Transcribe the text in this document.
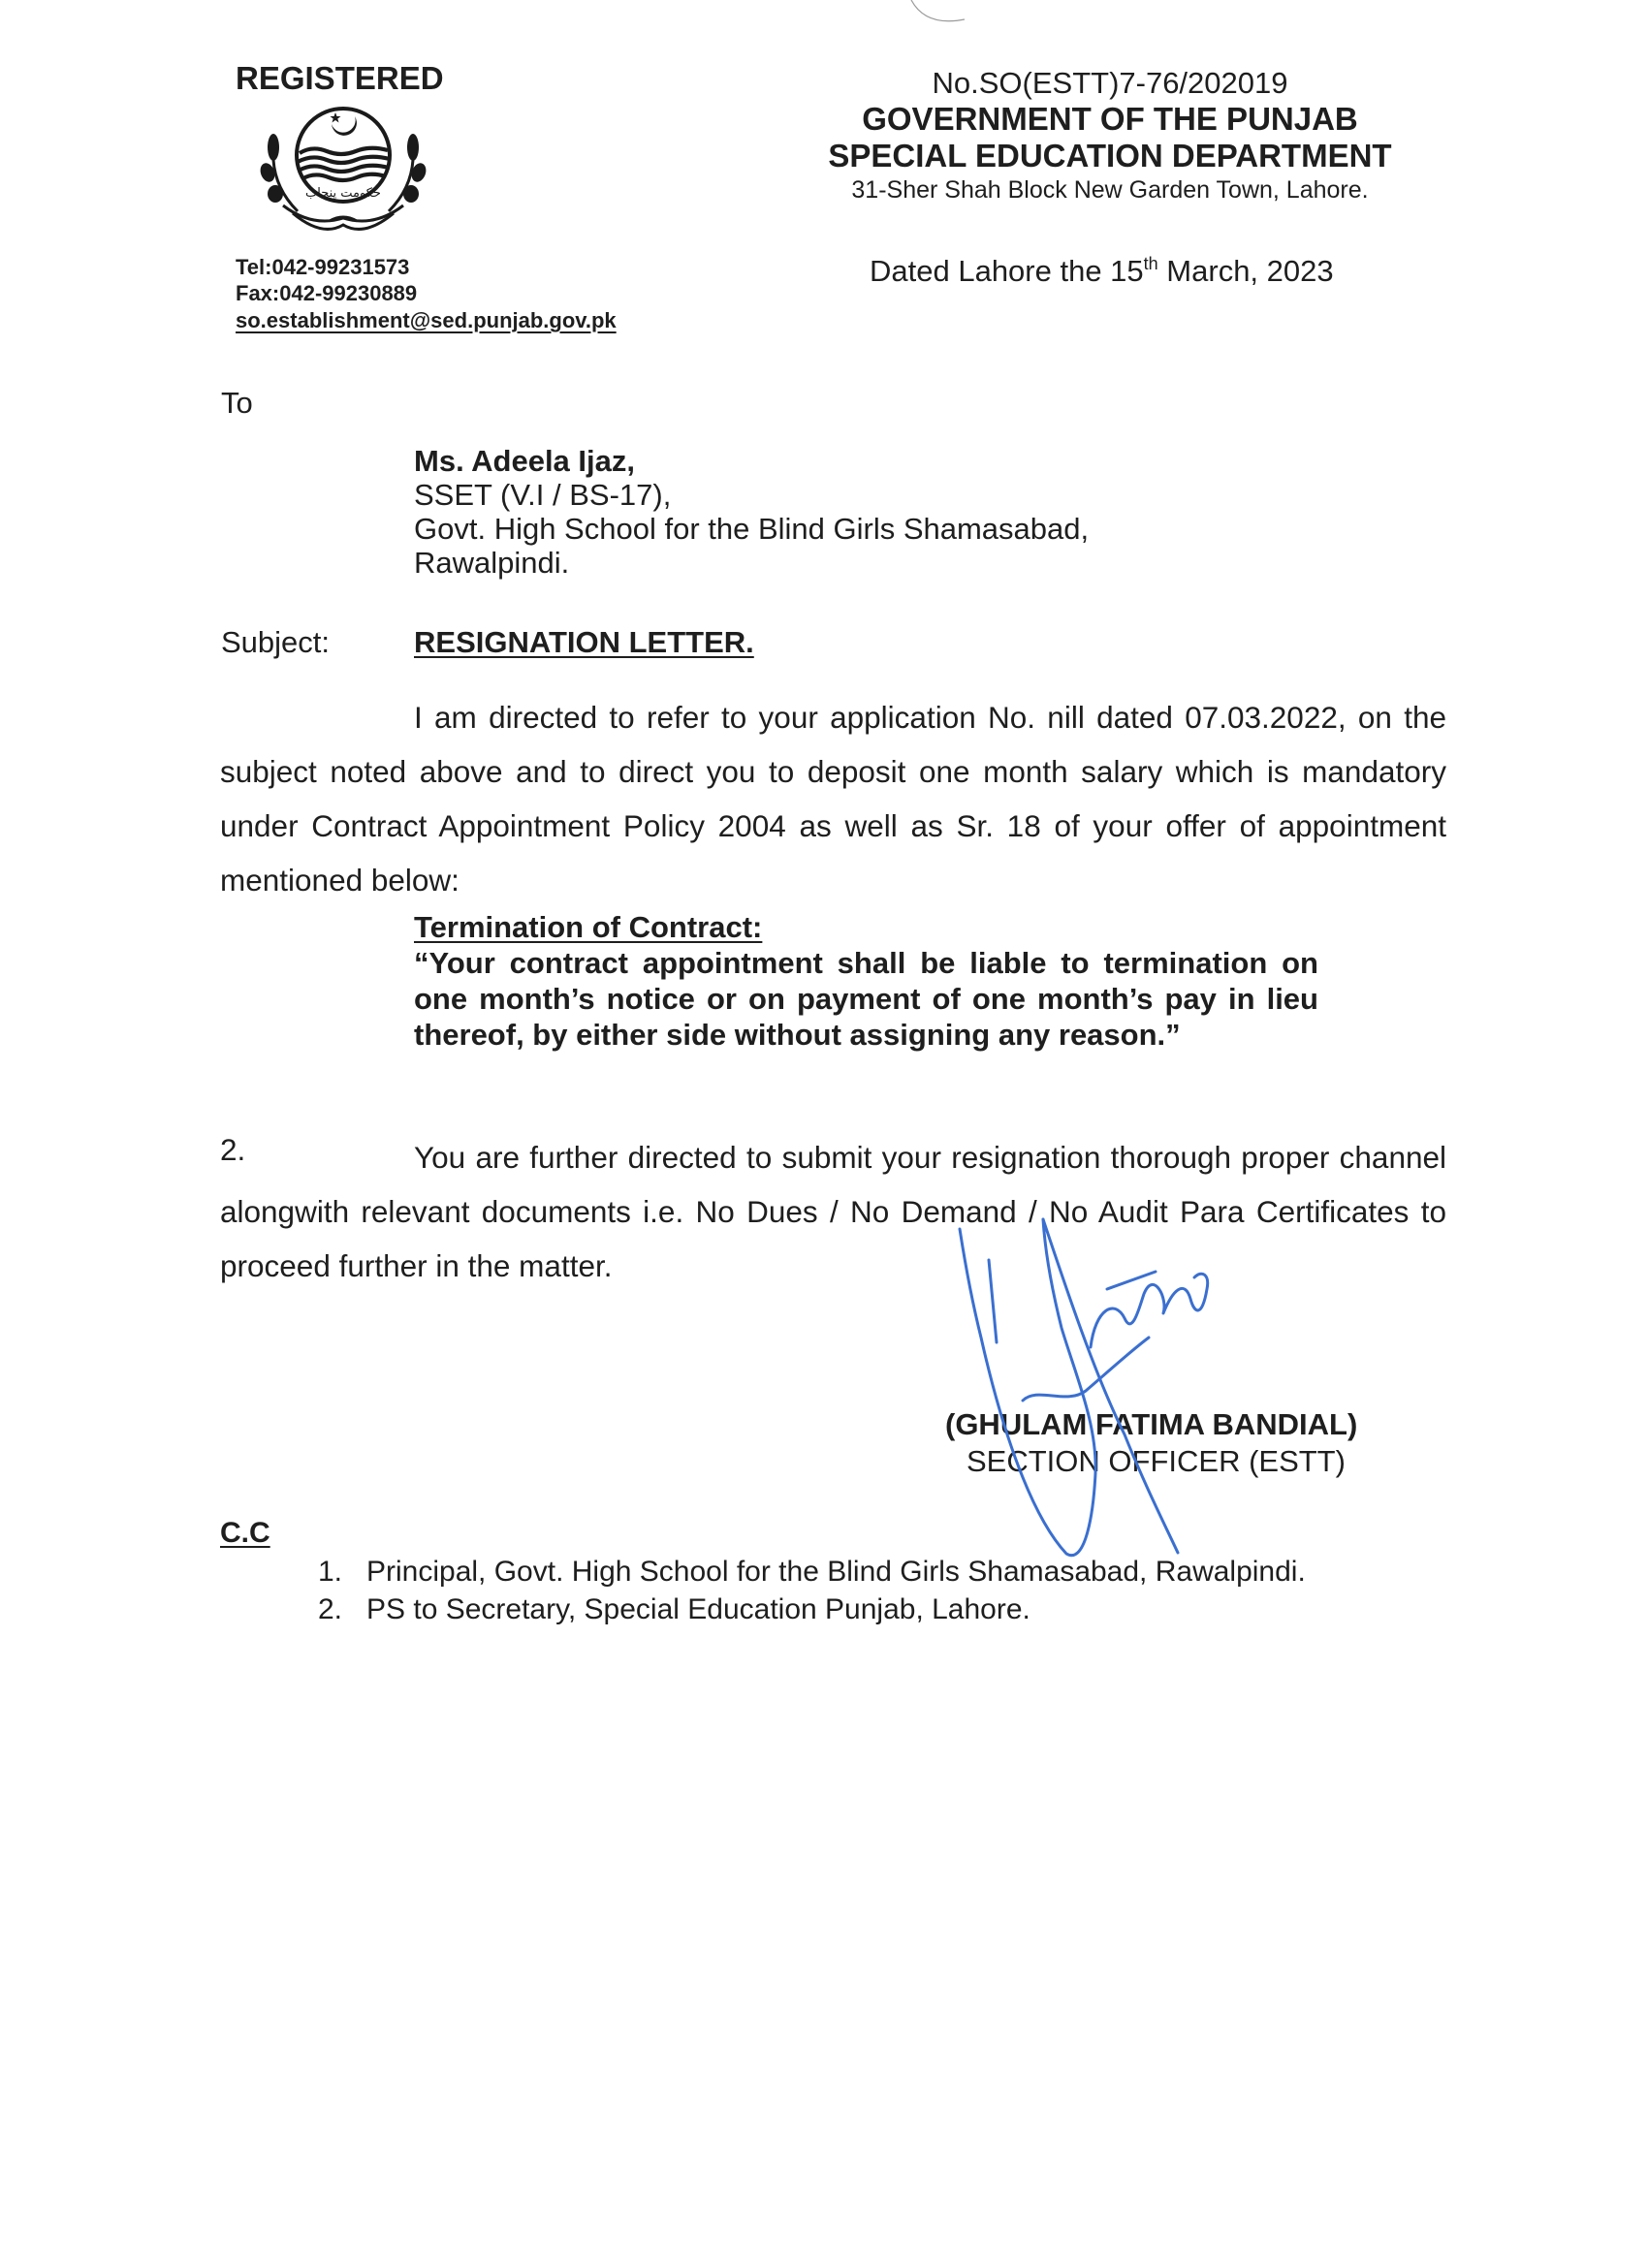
REGISTERED
حکومت پنجاب
Tel:042-99231573
Fax:042-99230889
so.establishment@sed.punjab.gov.pk
No.SO(ESTT)7-76/202019
GOVERNMENT OF THE PUNJAB
SPECIAL EDUCATION DEPARTMENT
31-Sher Shah Block New Garden Town, Lahore.
Dated Lahore the 15th March, 2023
To
Ms. Adeela Ijaz,
SSET (V.I / BS-17),
Govt. High School for the Blind Girls Shamasabad,
Rawalpindi.
Subject:	RESIGNATION LETTER.
I am directed to refer to your application No. nill dated 07.03.2022, on the subject noted above and to direct you to deposit one month salary which is mandatory under Contract Appointment Policy 2004 as well as Sr. 18 of your offer of appointment mentioned below:
Termination of Contract:
“Your contract appointment shall be liable to termination on one month’s notice or on payment of one month’s pay in lieu thereof, by either side without assigning any reason.”
2.	You are further directed to submit your resignation thorough proper channel alongwith relevant documents i.e. No Dues / No Demand / No Audit Para Certificates to proceed further in the matter.
(GHULAM FATIMA BANDIAL)
SECTION OFFICER (ESTT)
C.C
1. Principal, Govt. High School for the Blind Girls Shamasabad, Rawalpindi.
2. PS to Secretary, Special Education Punjab, Lahore.
